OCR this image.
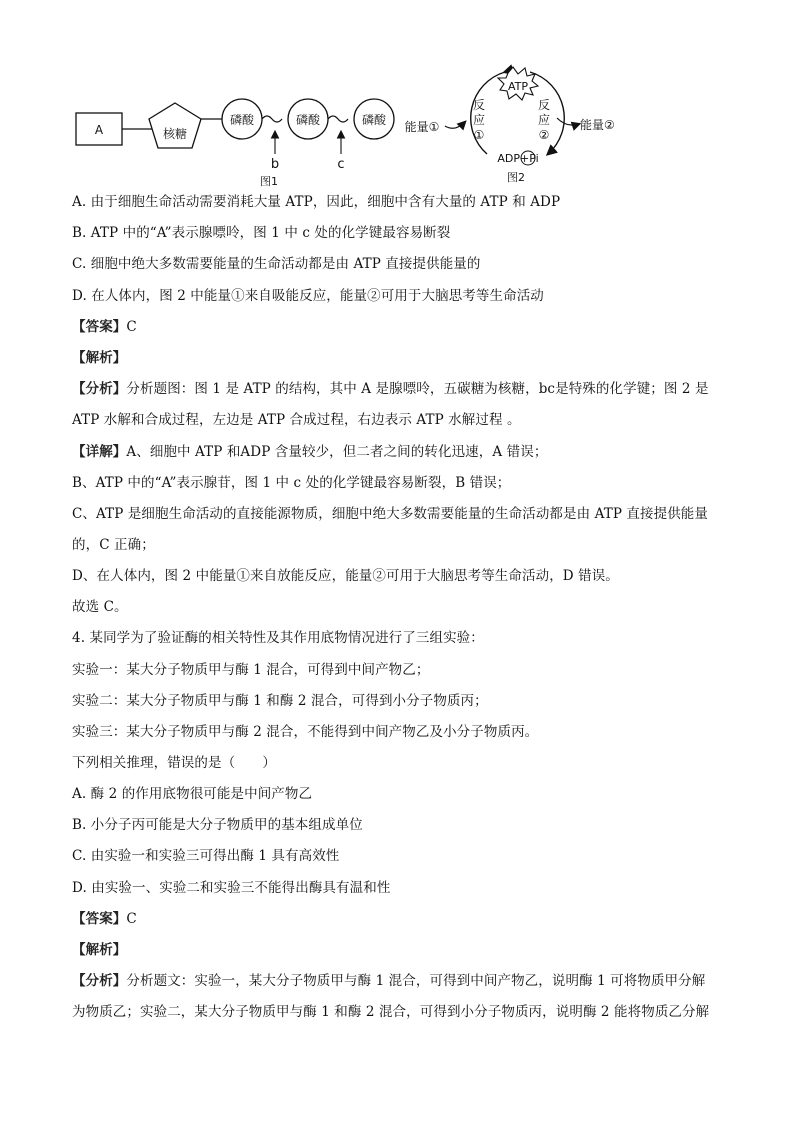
A	核糖
磷酸	磷酸	磷酸
b	c
图1
能量①
ATP
反
应
①
反
应
②
能量②
ADP+Pi
图2
A. 由于细胞生命活动需要消耗大量 ATP，因此，细胞中含有大量的 ATP 和 ADP
B. ATP 中的“A”表示腺嘌呤，图 1 中 c 处的化学键最容易断裂
C. 细胞中绝大多数需要能量的生命活动都是由 ATP 直接提供能量的
D. 在人体内，图 2 中能量①来自吸能反应，能量②可用于大脑思考等生命活动
【答案】C
【解析】
【分析】分析题图：图 1 是 ATP 的结构，其中 A 是腺嘌呤，五碳糖为核糖，bc是特殊的化学键；图 2 是
ATP 水解和合成过程，左边是 ATP 合成过程，右边表示 ATP 水解过程 。
【详解】A、细胞中 ATP 和ADP 含量较少，但二者之间的转化迅速，A 错误；
B、ATP 中的“A”表示腺苷，图 1 中 c 处的化学键最容易断裂，B 错误；
C、ATP 是细胞生命活动的直接能源物质，细胞中绝大多数需要能量的生命活动都是由 ATP 直接提供能量
的，C 正确；
D、在人体内，图 2 中能量①来自放能反应，能量②可用于大脑思考等生命活动，D 错误。
故选 C。
4. 某同学为了验证酶的相关特性及其作用底物情况进行了三组实验：
实验一：某大分子物质甲与酶 1 混合，可得到中间产物乙；
实验二：某大分子物质甲与酶 1 和酶 2 混合，可得到小分子物质丙；
实验三：某大分子物质甲与酶 2 混合，不能得到中间产物乙及小分子物质丙。
下列相关推理，错误的是（　　）
A. 酶 2 的作用底物很可能是中间产物乙
B. 小分子丙可能是大分子物质甲的基本组成单位
C. 由实验一和实验三可得出酶 1 具有高效性
D. 由实验一、实验二和实验三不能得出酶具有温和性
【答案】C
【解析】
【分析】分析题文：实验一，某大分子物质甲与酶 1 混合，可得到中间产物乙，说明酶 1 可将物质甲分解
为物质乙；实验二，某大分子物质甲与酶 1 和酶 2 混合，可得到小分子物质丙，说明酶 2 能将物质乙分解
